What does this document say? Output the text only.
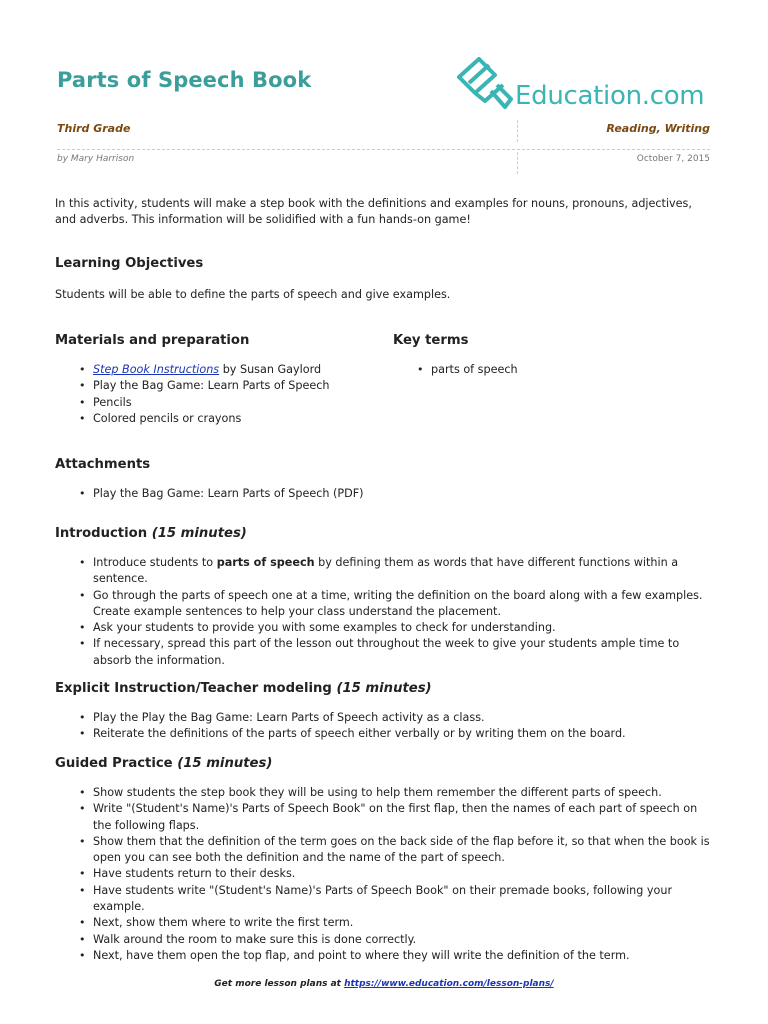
Parts of Speech Book
Education.com
Third Grade	Reading, Writing
by Mary Harrison	October 7, 2015

In this activity, students will make a step book with the definitions and examples for nouns, pronouns, adjectives, and adverbs. This information will be solidified with a fun hands-on game!

Learning Objectives

Students will be able to define the parts of speech and give examples.

Materials and preparation
• Step Book Instructions by Susan Gaylord
• Play the Bag Game: Learn Parts of Speech
• Pencils
• Colored pencils or crayons
Key terms
• parts of speech
Attachments
• Play the Bag Game: Learn Parts of Speech (PDF)
Introduction (15 minutes)
• Introduce students to parts of speech by defining them as words that have different functions within a sentence.
• Go through the parts of speech one at a time, writing the definition on the board along with a few examples. Create example sentences to help your class understand the placement.
• Ask your students to provide you with some examples to check for understanding.
• If necessary, spread this part of the lesson out throughout the week to give your students ample time to absorb the information.
Explicit Instruction/Teacher modeling (15 minutes)
• Play the Play the Bag Game: Learn Parts of Speech activity as a class.
• Reiterate the definitions of the parts of speech either verbally or by writing them on the board.
Guided Practice (15 minutes)
• Show students the step book they will be using to help them remember the different parts of speech.
• Write "(Student's Name)'s Parts of Speech Book" on the first flap, then the names of each part of speech on the following flaps.
• Show them that the definition of the term goes on the back side of the flap before it, so that when the book is open you can see both the definition and the name of the part of speech.
• Have students return to their desks.
• Have students write "(Student's Name)'s Parts of Speech Book" on their premade books, following your example.
• Next, show them where to write the first term.
• Walk around the room to make sure this is done correctly.
• Next, have them open the top flap, and point to where they will write the definition of the term.
Get more lesson plans at https://www.education.com/lesson-plans/
